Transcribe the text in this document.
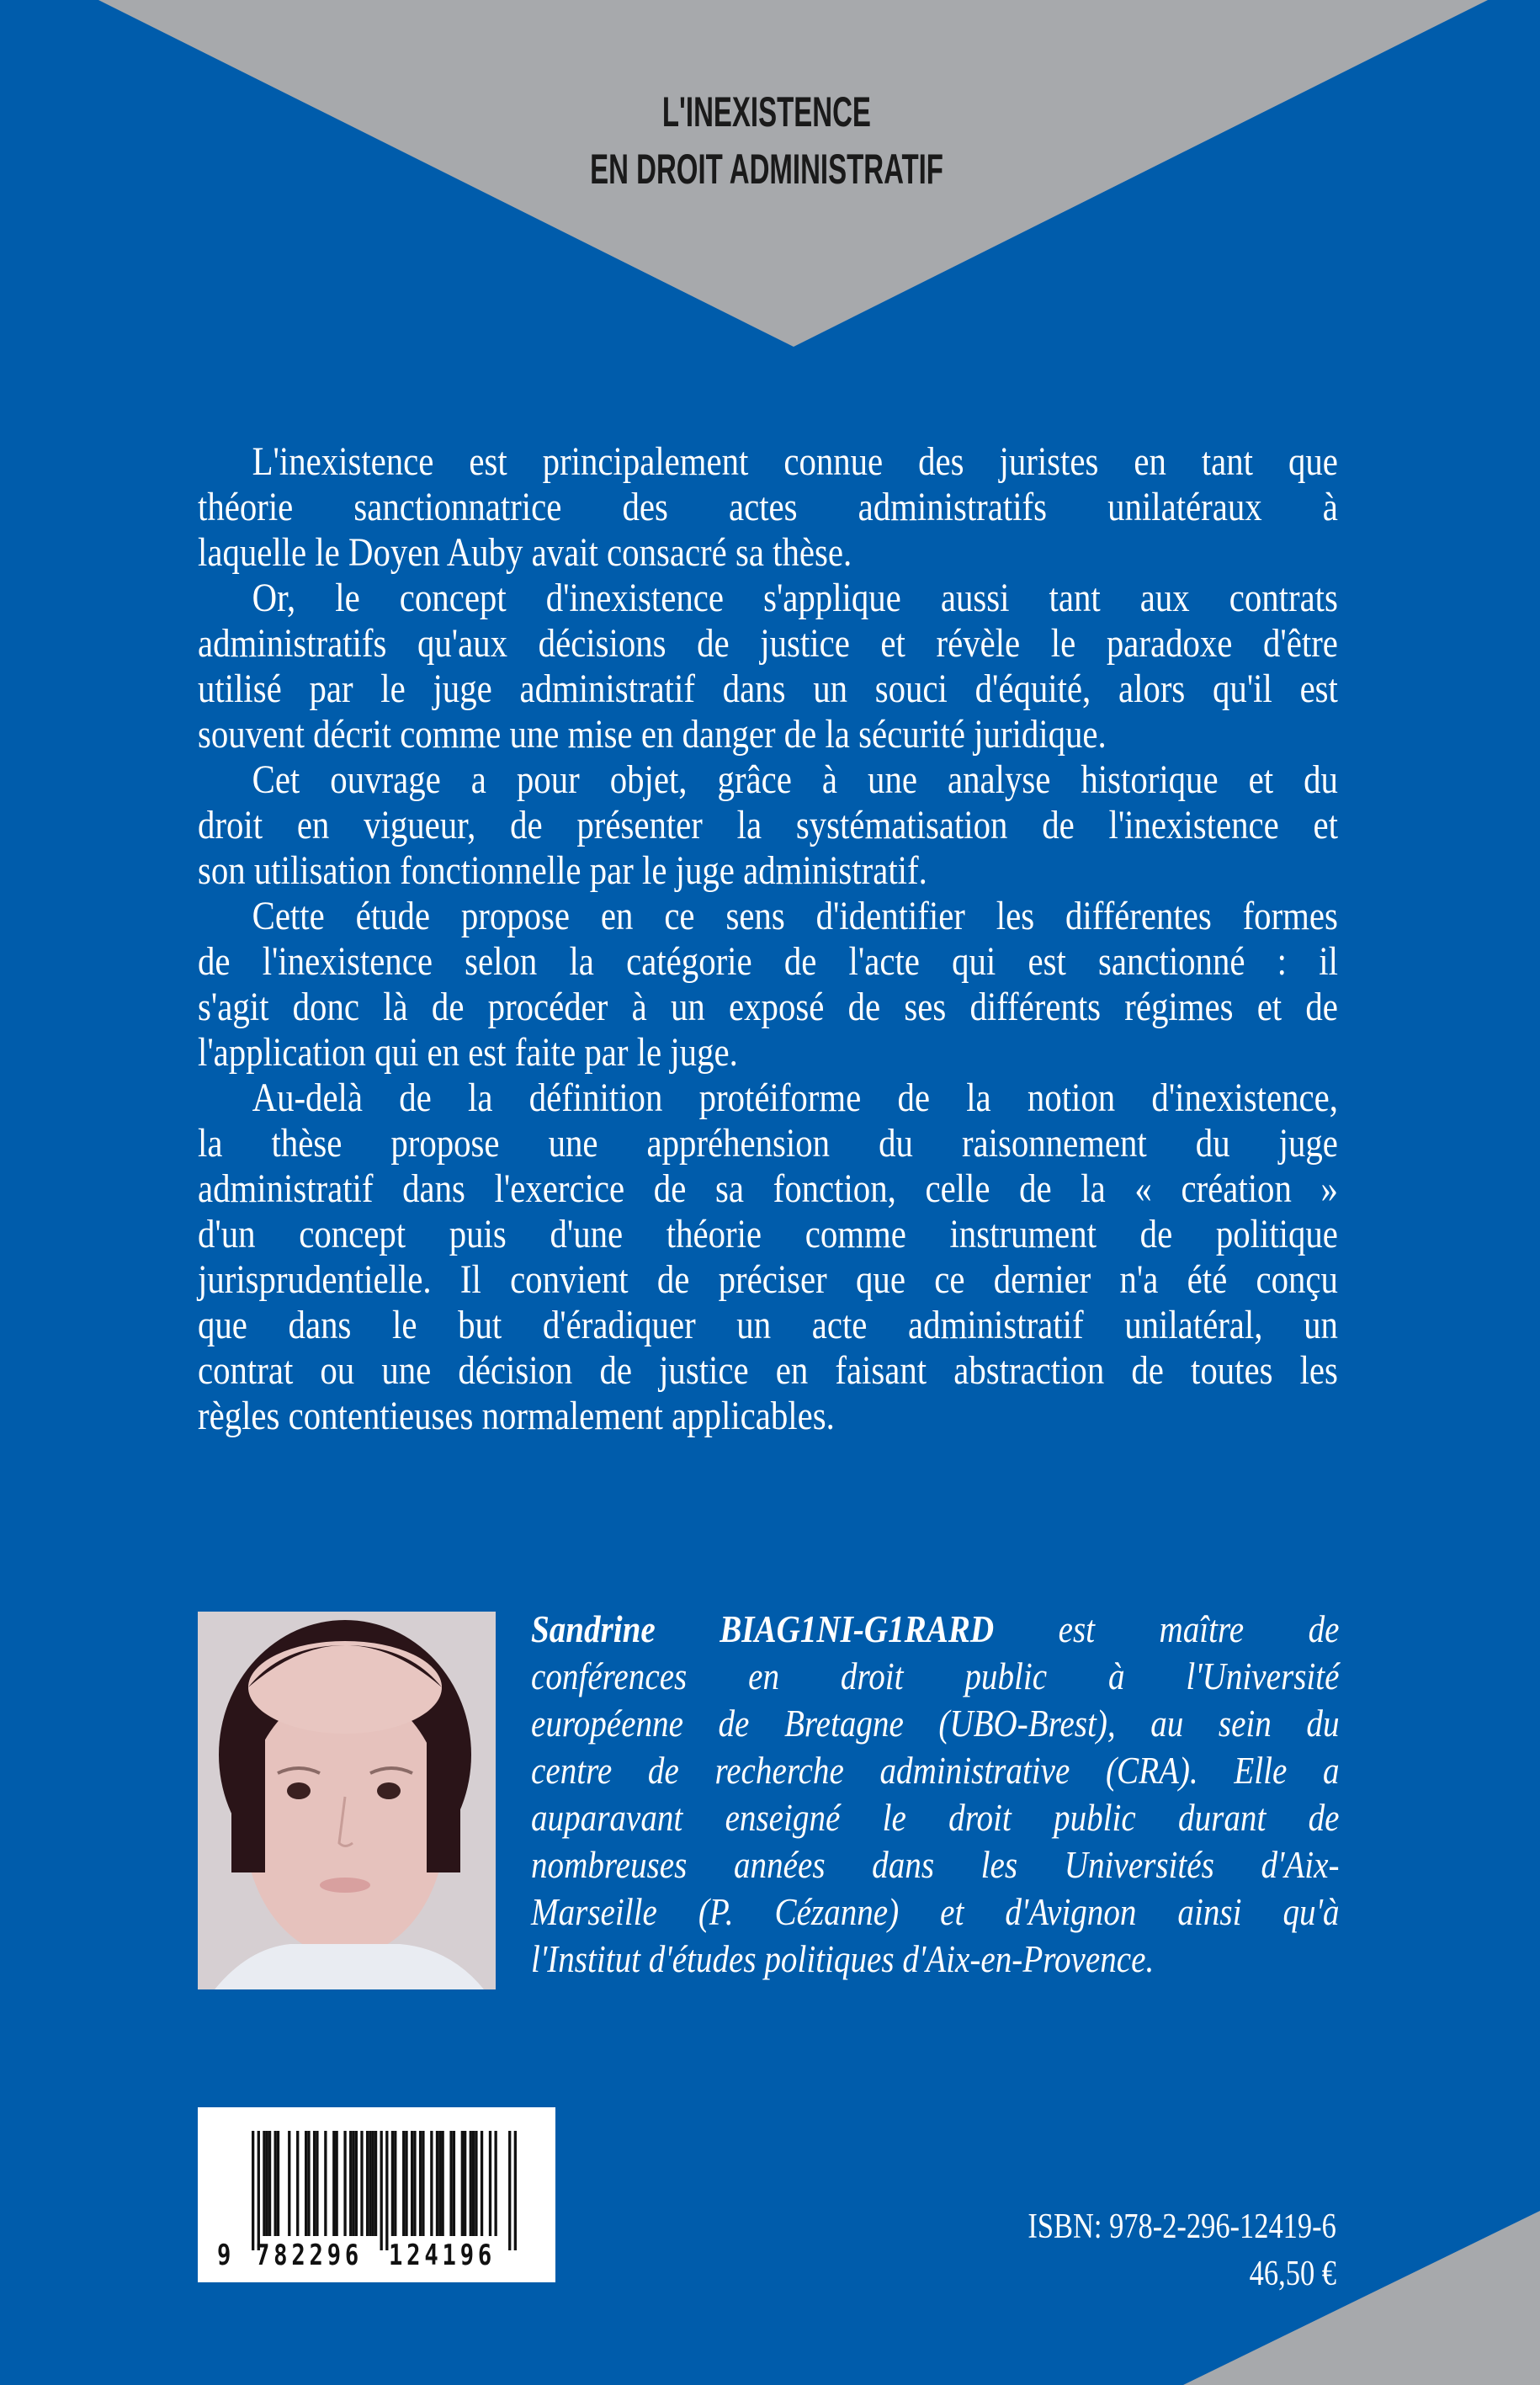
L'INEXISTENCE
EN DROIT ADMINISTRATIF
L'inexistence est principalement connue des juristes en tant que
théorie sanctionnatrice des actes administratifs unilatéraux à
laquelle le Doyen Auby avait consacré sa thèse.
Or, le concept d'inexistence s'applique aussi tant aux contrats
administratifs qu'aux décisions de justice et révèle le paradoxe d'être
utilisé par le juge administratif dans un souci d'équité, alors qu'il est
souvent décrit comme une mise en danger de la sécurité juridique.
Cet ouvrage a pour objet, grâce à une analyse historique et du
droit en vigueur, de présenter la systématisation de l'inexistence et
son utilisation fonctionnelle par le juge administratif.
Cette étude propose en ce sens d'identifier les différentes formes
de l'inexistence selon la catégorie de l'acte qui est sanctionné : il
s'agit donc là de procéder à un exposé de ses différents régimes et de
l'application qui en est faite par le juge.
Au-delà de la définition protéiforme de la notion d'inexistence,
la thèse propose une appréhension du raisonnement du juge
administratif dans l'exercice de sa fonction, celle de la « création »
d'un concept puis d'une théorie comme instrument de politique
jurisprudentielle. Il convient de préciser que ce dernier n'a été conçu
que dans le but d'éradiquer un acte administratif unilatéral, un
contrat ou une décision de justice en faisant abstraction de toutes les
règles contentieuses normalement applicables.
Sandrine BIAG1NI-G1RARD est maître de
conférences en droit public à l'Université
européenne de Bretagne (UBO-Brest), au sein du
centre de recherche administrative (CRA). Elle a
auparavant enseigné le droit public durant de
nombreuses années dans les Universités d'Aix-
Marseille (P. Cézanne) et d'Avignon ainsi qu'à
l'Institut d'études politiques d'Aix-en-Provence.
9 782296 124196
ISBN: 978-2-296-12419-6
46,50 €
